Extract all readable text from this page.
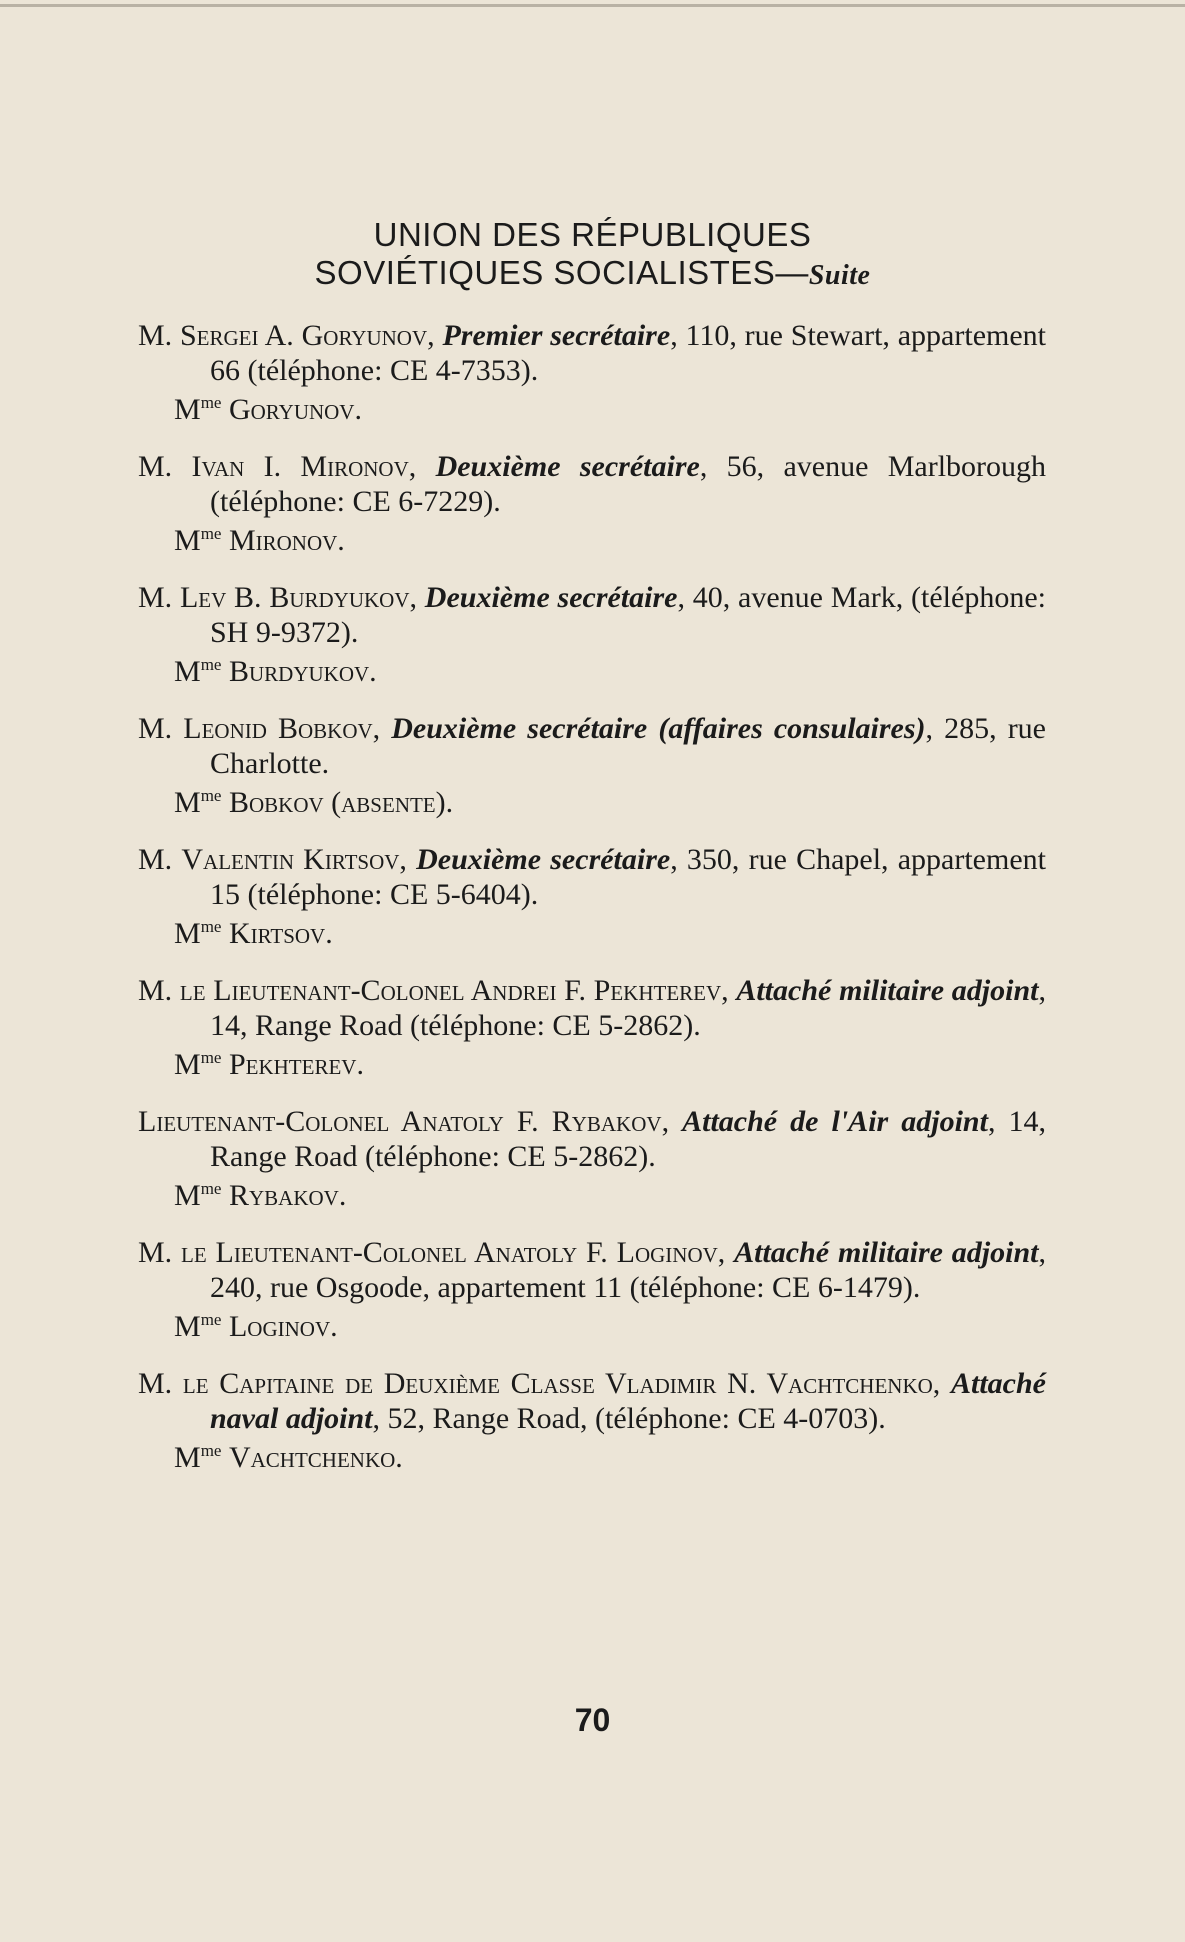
UNION DES RÉPUBLIQUES
SOVIÉTIQUES SOCIALISTES—Suite
M. Sergei A. Goryunov, Premier secrétaire, 110, rue Stewart, appartement 66 (téléphone: CE 4-7353).
$M^{me}$ Goryunov.
M. Ivan I. Mironov, Deuxième secrétaire, 56, avenue Marlborough (téléphone: CE 6-7229).
$M^{me}$ Mironov.
M. Lev B. Burdyukov, Deuxième secrétaire, 40, avenue Mark, (téléphone: SH 9-9372).
$M^{me}$ Burdyukov.
M. Leonid Bobkov, Deuxième secrétaire (affaires consulaires), 285, rue Charlotte.
$M^{me}$ Bobkov (absente).
M. Valentin Kirtsov, Deuxième secrétaire, 350, rue Chapel, appartement 15 (téléphone: CE 5-6404).
$M^{me}$ Kirtsov.
M. le Lieutenant-Colonel Andrei F. Pekhterev, Attaché militaire adjoint, 14, Range Road (téléphone: CE 5-2862).
$M^{me}$ Pekhterev.
Lieutenant-Colonel Anatoly F. Rybakov, Attaché de l'Air adjoint, 14, Range Road (téléphone: CE 5-2862).
$M^{me}$ Rybakov.
M. le Lieutenant-Colonel Anatoly F. Loginov, Attaché militaire adjoint, 240, rue Osgoode, appartement 11 (téléphone: CE 6-1479).
$M^{me}$ Loginov.
M. le Capitaine de Deuxième Classe Vladimir N. Vachtchenko, Attaché naval adjoint, 52, Range Road, (téléphone: CE 4-0703).
$M^{me}$ Vachtchenko.
70
